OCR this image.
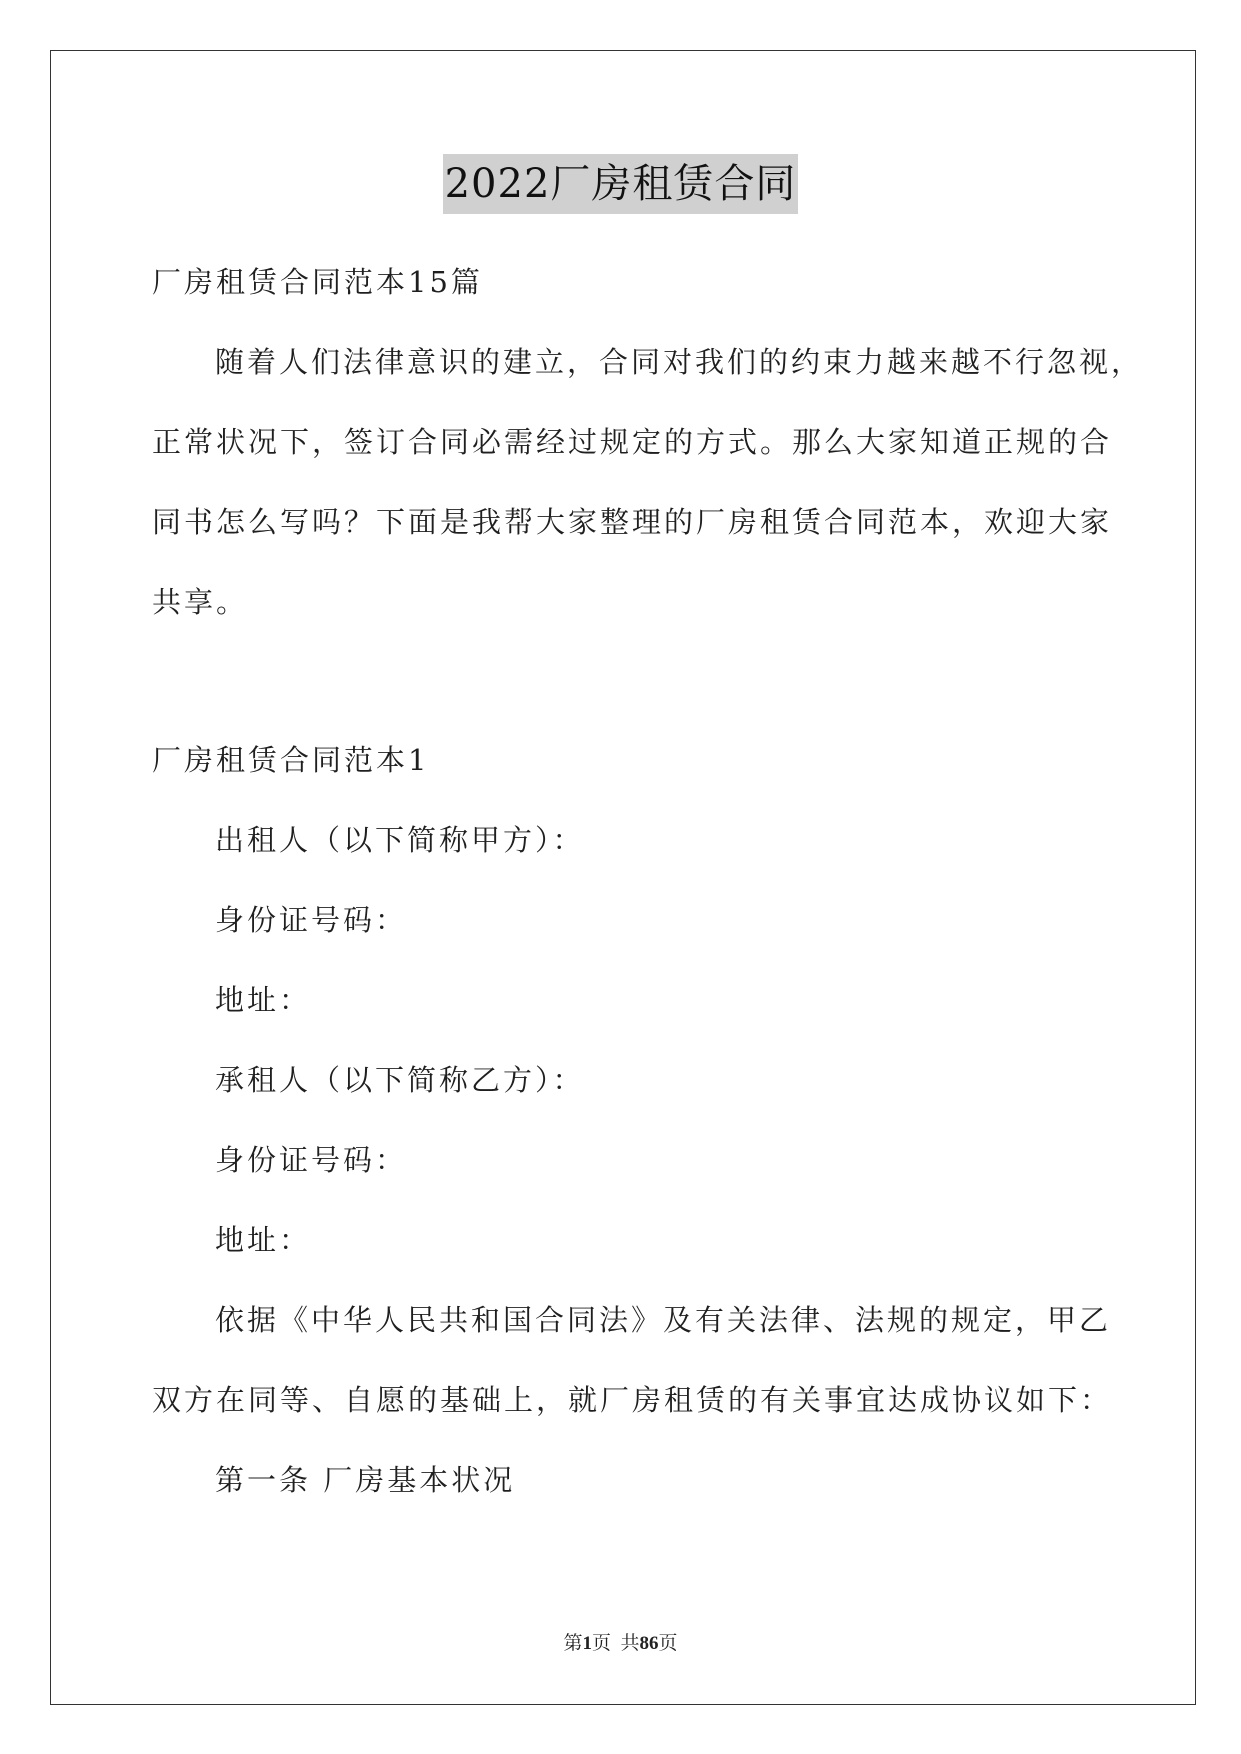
2022厂房租赁合同
厂房租赁合同范本15篇
随着人们法律意识的建立，合同对我们的约束力越来越不行忽视，
正常状况下，签订合同必需经过规定的方式。那么大家知道正规的合
同书怎么写吗？下面是我帮大家整理的厂房租赁合同范本，欢迎大家
共享。
厂房租赁合同范本1
出租人（以下简称甲方）：
身份证号码：
地址：
承租人（以下简称乙方）：
身份证号码：
地址：
依据《中华人民共和国合同法》及有关法律、法规的规定，甲乙
双方在同等、自愿的基础上，就厂房租赁的有关事宜达成协议如下：
第一条 厂房基本状况
第1页  共86页
